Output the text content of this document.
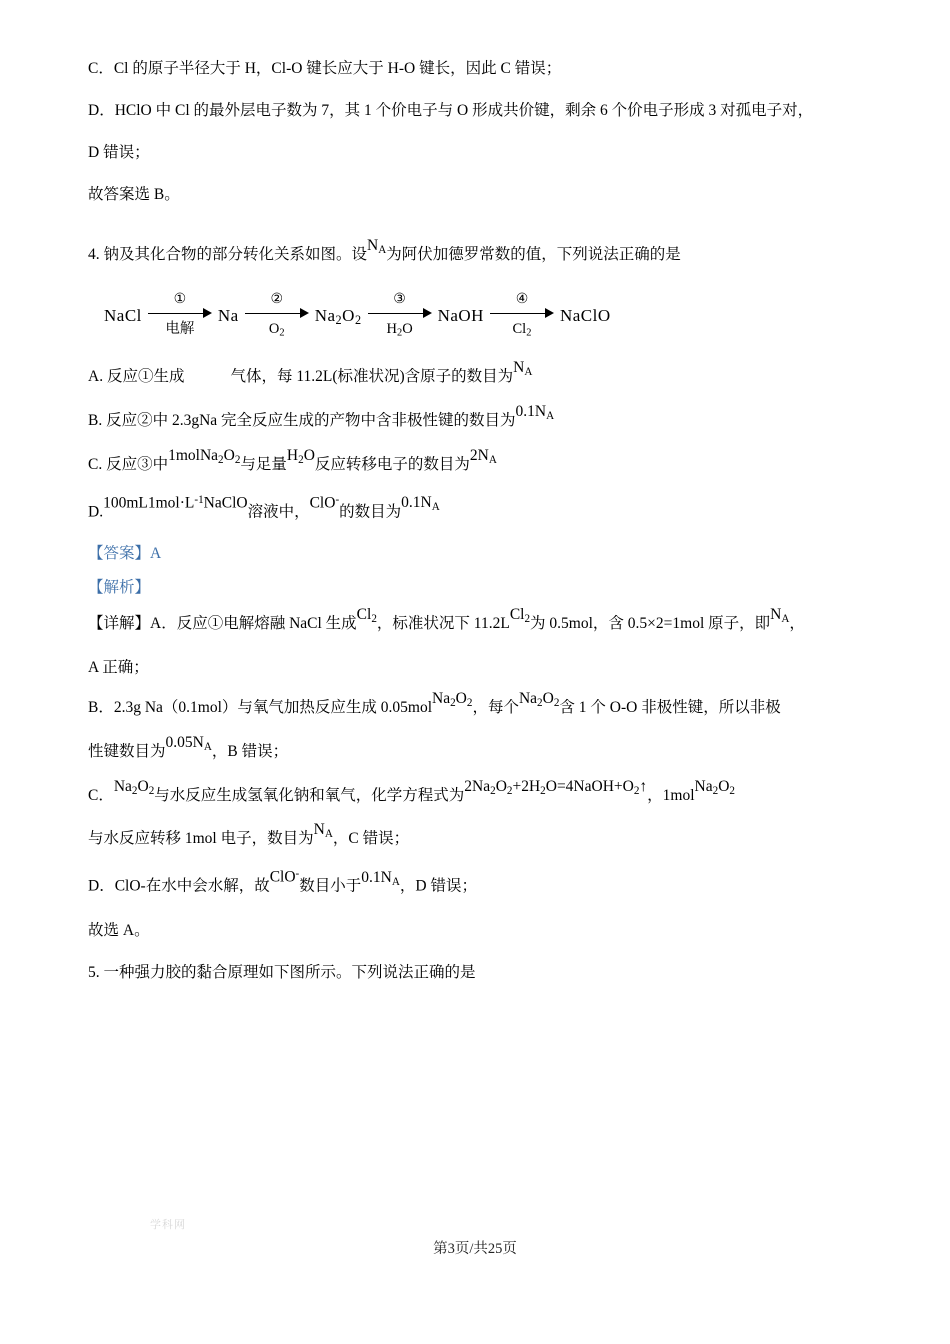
C．Cl 的原子半径大于 H，Cl-O 键长应大于 H-O 键长，因此 C 错误；

D．HClO 中 Cl 的最外层电子数为 7，其 1 个价电子与 O 形成共价键，剩余 6 个价电子形成 3 对孤电子对，

D 错误；

故答案选 B。

4. 钠及其化合物的部分转化关系如图。设$N_A$为阿伏加德罗常数的值，下列说法正确的是

NaCl
①
电解
Na
②
$O_2$
$Na_2O_2$
③
$H_2O$
NaOH
④
$Cl_2$
NaClO

A. 反应①生成	气体，每 11.2L(标准状况)含原子的数目为$N_A$

B. 反应②中 2.3gNa 完全反应生成的产物中含非极性键的数目为$0.1N_A$

C. 反应③中$1molNa_2O_2$与足量$H_2O$反应转移电子的数目为$2N_A$

$D.100mL1mol\cdot L^{-1}NaClO$溶液中，ClO-的数目为$0.1N_A$

【答案】A

【解析】

【详解】A．反应①电解熔融 NaCl 生成$Cl_2$，标准状况下 11.2LCl$_2$为 0.5mol，含 0.5×2=1mol 原子，即$N_A$，

A 正确；

B．2.3g Na（0.1mol）与氧气加热反应生成 $0.05molNa_2O_2$，每个$Na_2O_2$含 1 个 O-O 非极性键，所以非极

性键数目为$0.05N_A$，B 错误；

C．$Na_2O_2$与水反应生成氢氧化钠和氧气，化学方程式为$2Na_2O_2+2H_2O=4NaOH+O_2↑$，$1molNa_2O_2$

与水反应转移 1mol 电子，数目为$N_A$，C 错误；

D．ClO-在水中会水解，故ClO-数目小于$0.1N_A$，D 错误；

故选 A。

5. 一种强力胶的黏合原理如下图所示。下列说法正确的是

学科网
第3页/共25页
